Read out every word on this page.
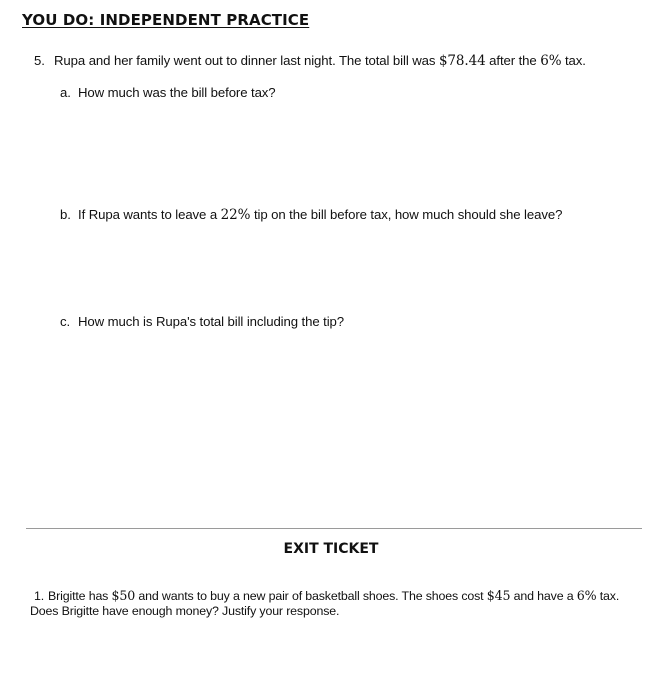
YOU DO: INDEPENDENT PRACTICE
5. Rupa and her family went out to dinner last night. The total bill was $78.44 after the 6% tax.
a. How much was the bill before tax?
b. If Rupa wants to leave a 22% tip on the bill before tax, how much should she leave?
c. How much is Rupa's total bill including the tip?
EXIT TICKET
1. Brigitte has $50 and wants to buy a new pair of basketball shoes. The shoes cost $45 and have a 6% tax. Does Brigitte have enough money? Justify your response.
